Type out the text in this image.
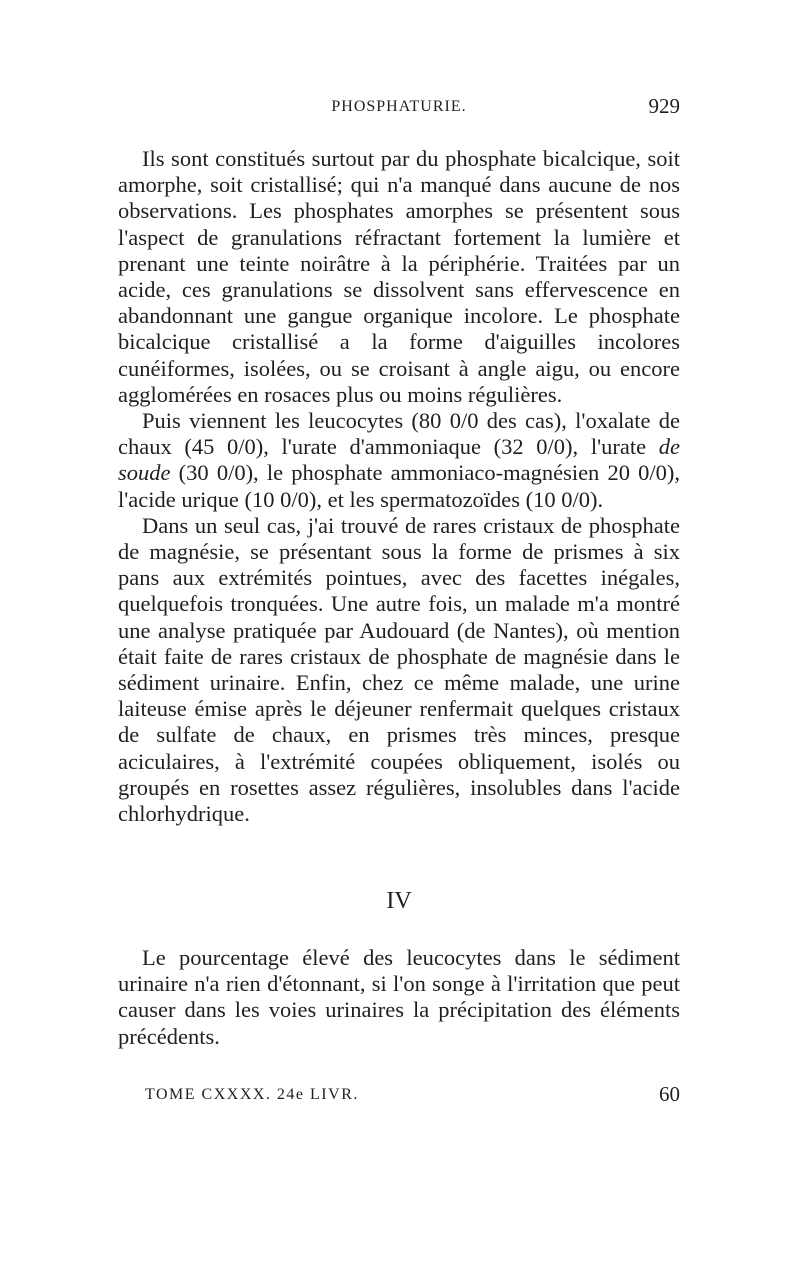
PHOSPHATURIE.	929

Ils sont constitués surtout par du phosphate bicalcique, soit amorphe, soit cristallisé; qui n'a manqué dans aucune de nos observations. Les phosphates amorphes se présentent sous l'aspect de granulations réfractant fortement la lumière et prenant une teinte noirâtre à la périphérie. Traitées par un acide, ces granulations se dissolvent sans effervescence en abandonnant une gangue organique incolore. Le phosphate bicalcique cristallisé a la forme d'aiguilles incolores cunéiformes, isolées, ou se croisant à angle aigu, ou encore agglomérées en rosaces plus ou moins régulières.

Puis viennent les leucocytes (80 0/0 des cas), l'oxalate de chaux (45 0/0), l'urate d'ammoniaque (32 0/0), l'urate de soude (30 0/0), le phosphate ammoniaco-magnésien 20 0/0), l'acide urique (10 0/0), et les spermatozoïdes (10 0/0).

Dans un seul cas, j'ai trouvé de rares cristaux de phosphate de magnésie, se présentant sous la forme de prismes à six pans aux extrémités pointues, avec des facettes inégales, quelquefois tronquées. Une autre fois, un malade m'a montré une analyse pratiquée par Audouard (de Nantes), où mention était faite de rares cristaux de phosphate de magnésie dans le sédiment urinaire. Enfin, chez ce même malade, une urine laiteuse émise après le déjeuner renfermait quelques cristaux de sulfate de chaux, en prismes très minces, presque aciculaires, à l'extrémité coupées obliquement, isolés ou groupés en rosettes assez régulières, insolubles dans l'acide chlorhydrique.

IV

Le pourcentage élevé des leucocytes dans le sédiment urinaire n'a rien d'étonnant, si l'on songe à l'irritation que peut causer dans les voies urinaires la précipitation des éléments précédents.

TOME CXXXX. 24e LIVR.	60
